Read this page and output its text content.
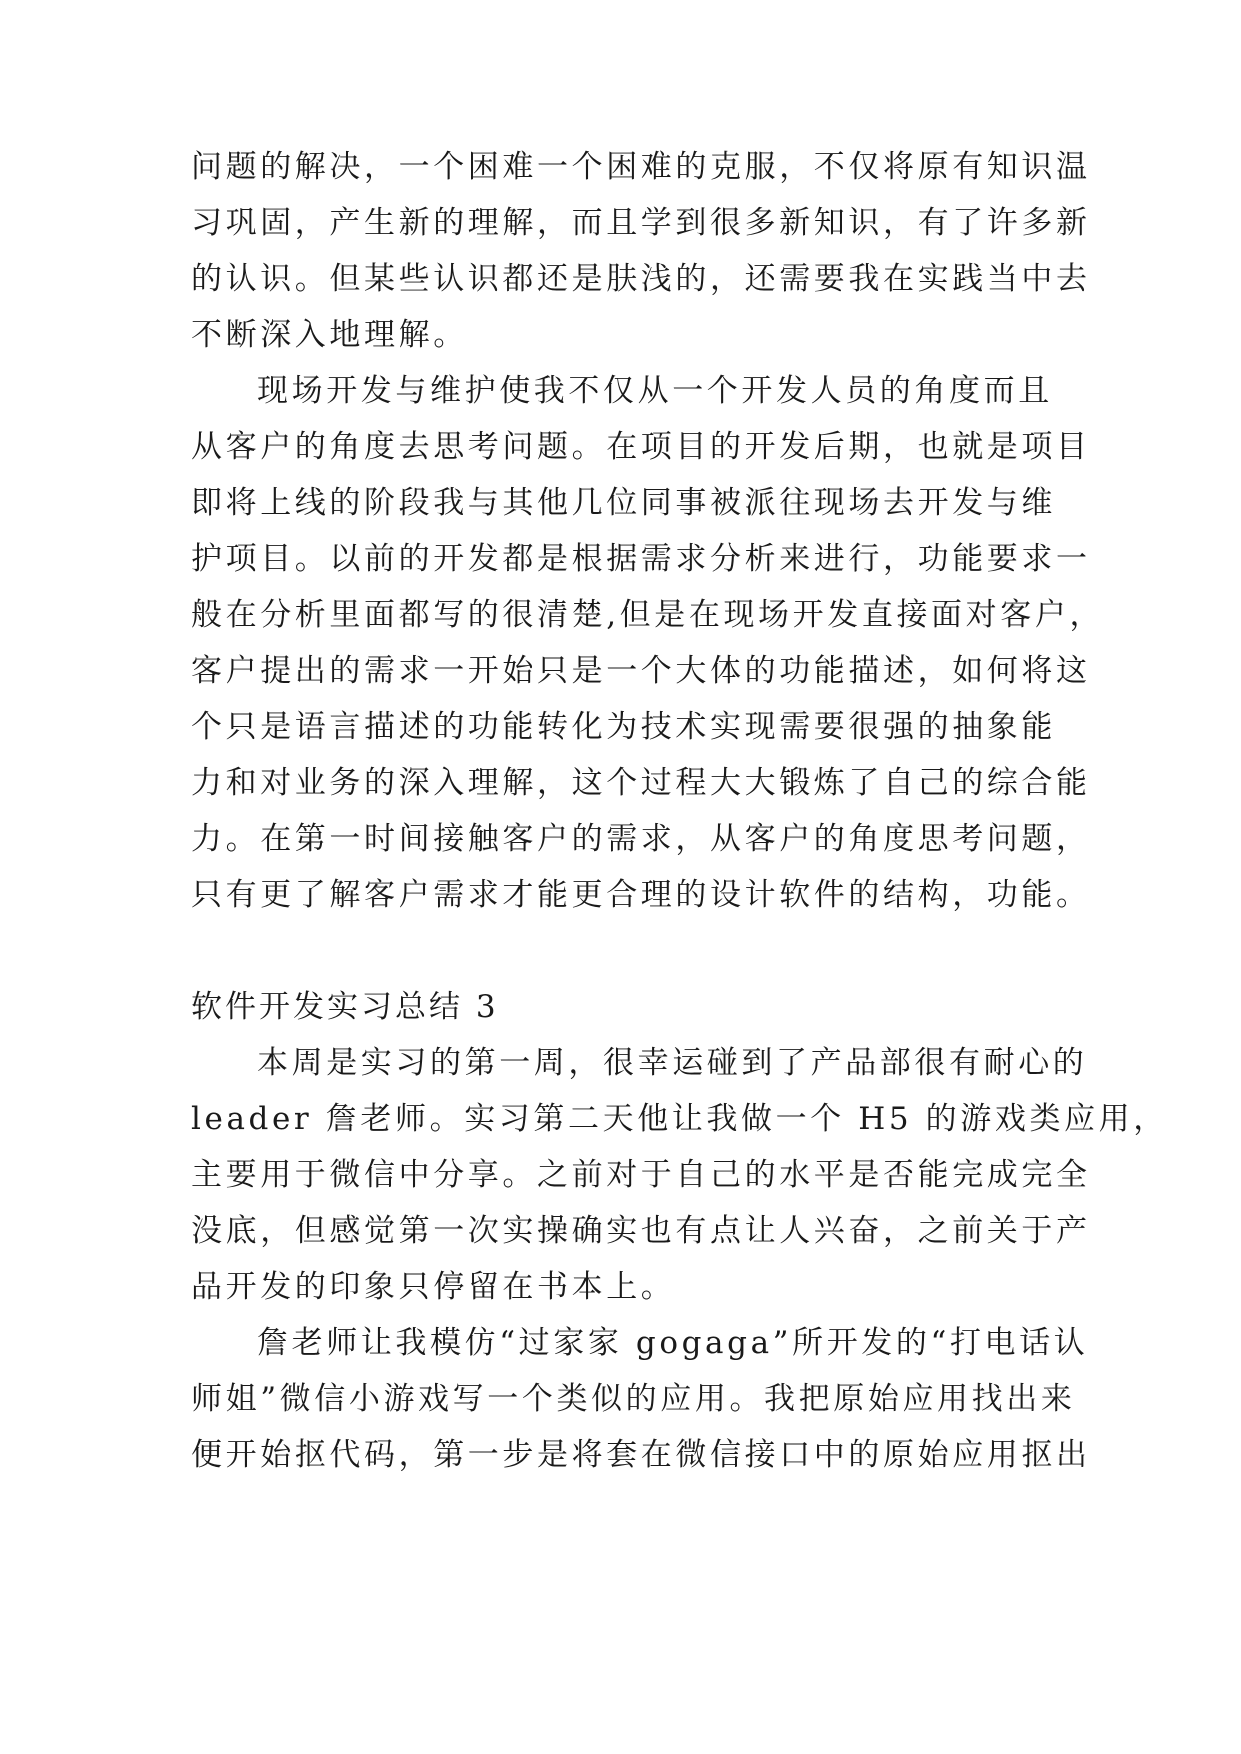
问题的解决，一个困难一个困难的克服，不仅将原有知识温
习巩固，产生新的理解，而且学到很多新知识，有了许多新
的认识。但某些认识都还是肤浅的，还需要我在实践当中去
不断深入地理解。
现场开发与维护使我不仅从一个开发人员的角度而且
从客户的角度去思考问题。在项目的开发后期，也就是项目
即将上线的阶段我与其他几位同事被派往现场去开发与维
护项目。以前的开发都是根据需求分析来进行，功能要求一
般在分析里面都写的很清楚,但是在现场开发直接面对客户，
客户提出的需求一开始只是一个大体的功能描述，如何将这
个只是语言描述的功能转化为技术实现需要很强的抽象能
力和对业务的深入理解，这个过程大大锻炼了自己的综合能
力。在第一时间接触客户的需求，从客户的角度思考问题，
只有更了解客户需求才能更合理的设计软件的结构，功能。
软件开发实习总结 3
本周是实习的第一周，很幸运碰到了产品部很有耐心的
leader 詹老师。实习第二天他让我做一个 H5 的游戏类应用，
主要用于微信中分享。之前对于自己的水平是否能完成完全
没底，但感觉第一次实操确实也有点让人兴奋，之前关于产
品开发的印象只停留在书本上。
詹老师让我模仿“过家家 gogaga”所开发的“打电话认
师姐”微信小游戏写一个类似的应用。我把原始应用找出来
便开始抠代码，第一步是将套在微信接口中的原始应用抠出
